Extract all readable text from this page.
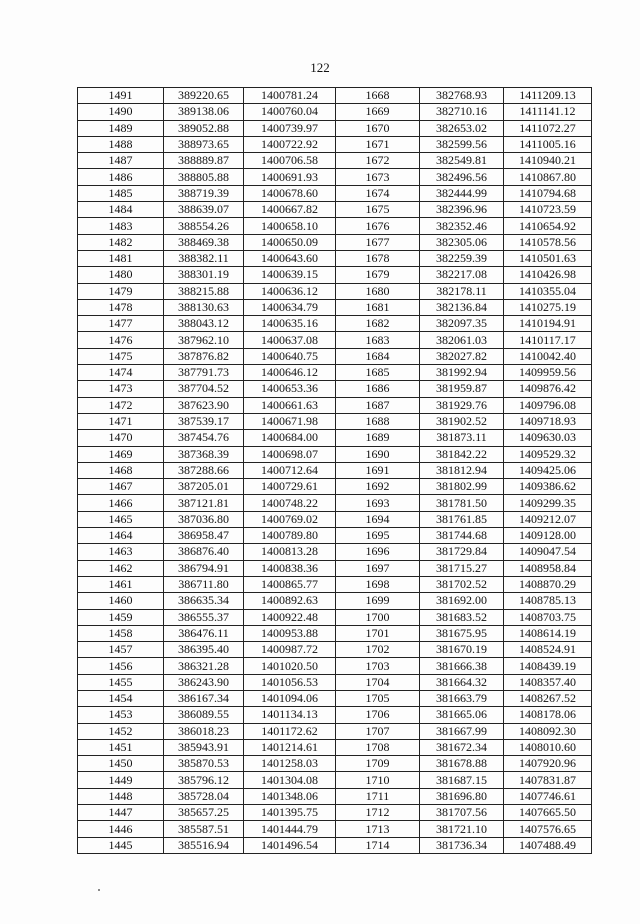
122
1491	389220.65	1400781.24	1668	382768.93	1411209.13
1490	389138.06	1400760.04	1669	382710.16	1411141.12
1489	389052.88	1400739.97	1670	382653.02	1411072.27
1488	388973.65	1400722.92	1671	382599.56	1411005.16
1487	388889.87	1400706.58	1672	382549.81	1410940.21
1486	388805.88	1400691.93	1673	382496.56	1410867.80
1485	388719.39	1400678.60	1674	382444.99	1410794.68
1484	388639.07	1400667.82	1675	382396.96	1410723.59
1483	388554.26	1400658.10	1676	382352.46	1410654.92
1482	388469.38	1400650.09	1677	382305.06	1410578.56
1481	388382.11	1400643.60	1678	382259.39	1410501.63
1480	388301.19	1400639.15	1679	382217.08	1410426.98
1479	388215.88	1400636.12	1680	382178.11	1410355.04
1478	388130.63	1400634.79	1681	382136.84	1410275.19
1477	388043.12	1400635.16	1682	382097.35	1410194.91
1476	387962.10	1400637.08	1683	382061.03	1410117.17
1475	387876.82	1400640.75	1684	382027.82	1410042.40
1474	387791.73	1400646.12	1685	381992.94	1409959.56
1473	387704.52	1400653.36	1686	381959.87	1409876.42
1472	387623.90	1400661.63	1687	381929.76	1409796.08
1471	387539.17	1400671.98	1688	381902.52	1409718.93
1470	387454.76	1400684.00	1689	381873.11	1409630.03
1469	387368.39	1400698.07	1690	381842.22	1409529.32
1468	387288.66	1400712.64	1691	381812.94	1409425.06
1467	387205.01	1400729.61	1692	381802.99	1409386.62
1466	387121.81	1400748.22	1693	381781.50	1409299.35
1465	387036.80	1400769.02	1694	381761.85	1409212.07
1464	386958.47	1400789.80	1695	381744.68	1409128.00
1463	386876.40	1400813.28	1696	381729.84	1409047.54
1462	386794.91	1400838.36	1697	381715.27	1408958.84
1461	386711.80	1400865.77	1698	381702.52	1408870.29
1460	386635.34	1400892.63	1699	381692.00	1408785.13
1459	386555.37	1400922.48	1700	381683.52	1408703.75
1458	386476.11	1400953.88	1701	381675.95	1408614.19
1457	386395.40	1400987.72	1702	381670.19	1408524.91
1456	386321.28	1401020.50	1703	381666.38	1408439.19
1455	386243.90	1401056.53	1704	381664.32	1408357.40
1454	386167.34	1401094.06	1705	381663.79	1408267.52
1453	386089.55	1401134.13	1706	381665.06	1408178.06
1452	386018.23	1401172.62	1707	381667.99	1408092.30
1451	385943.91	1401214.61	1708	381672.34	1408010.60
1450	385870.53	1401258.03	1709	381678.88	1407920.96
1449	385796.12	1401304.08	1710	381687.15	1407831.87
1448	385728.04	1401348.06	1711	381696.80	1407746.61
1447	385657.25	1401395.75	1712	381707.56	1407665.50
1446	385587.51	1401444.79	1713	381721.10	1407576.65
1445	385516.94	1401496.54	1714	381736.34	1407488.49
